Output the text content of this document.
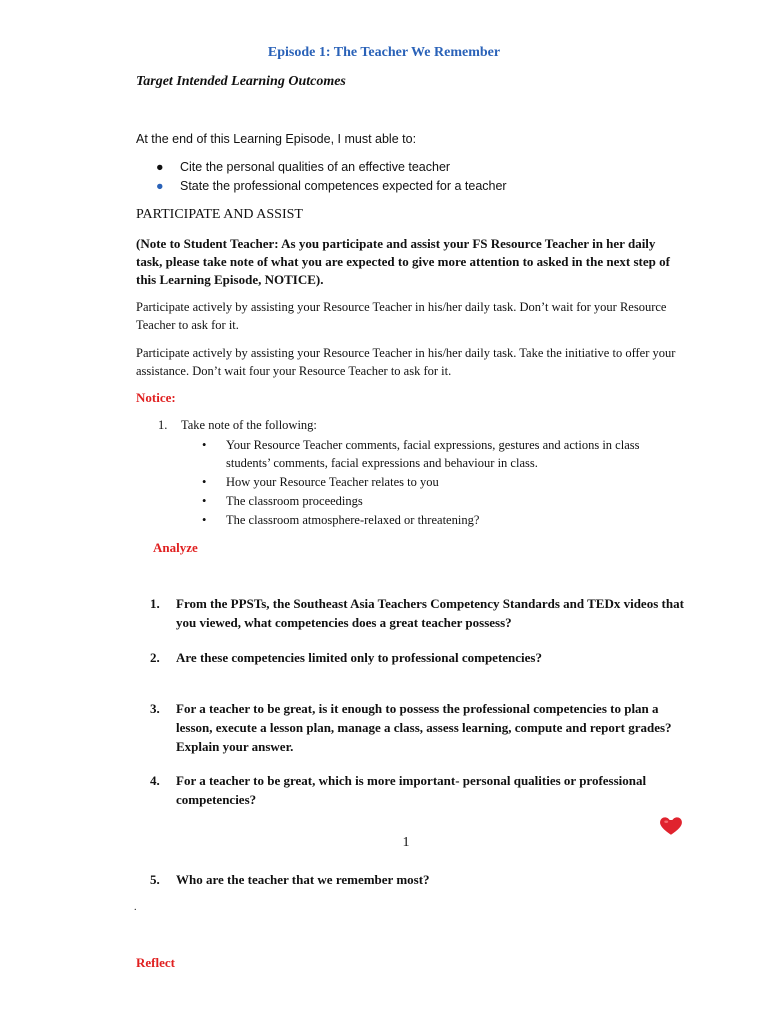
Episode 1: The Teacher We Remember
Target Intended Learning Outcomes
At the end of this Learning Episode, I must able to:
● Cite the personal qualities of an effective teacher
● State the professional competences expected for a teacher
PARTICIPATE AND ASSIST
(Note to Student Teacher: As you participate and assist your FS Resource Teacher in her daily task, please take note of what you are expected to give more attention to asked in the next step of this Learning Episode, NOTICE).
Participate actively by assisting your Resource Teacher in his/her daily task. Don’t wait for your Resource Teacher to ask for it.
Participate actively by assisting your Resource Teacher in his/her daily task. Take the initiative to offer your assistance. Don’t wait four your Resource Teacher to ask for it.
Notice:
1. Take note of the following:
• Your Resource Teacher comments, facial expressions, gestures and actions in class students’ comments, facial expressions and behaviour in class.
• How your Resource Teacher relates to you
• The classroom proceedings
• The classroom atmosphere-relaxed or threatening?
Analyze
1.	From the PPSTs, the Southeast Asia Teachers Competency Standards and TEDx videos that you viewed, what competencies does a great teacher possess?
2.	Are these competencies limited only to professional competencies?
3.	For a teacher to be great, is it enough to possess the professional competencies to plan a lesson, execute a lesson plan, manage a class, assess learning, compute and report grades? Explain your answer.
4.	For a teacher to be great, which is more important- personal qualities or professional competencies?
1
5.	Who are the teacher that we remember most?
.
Reflect
